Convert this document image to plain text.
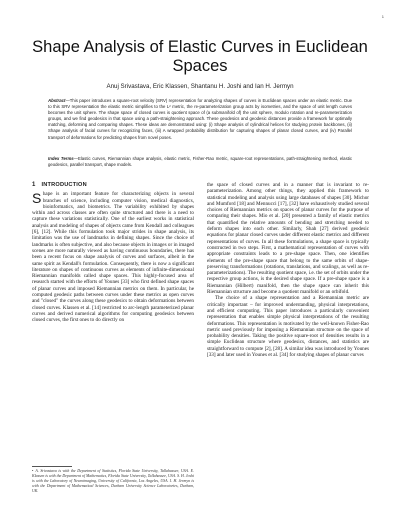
1
Shape Analysis of Elastic Curves in Euclidean
Spaces
Anuj Srivastava, Eric Klassen, Shantanu H. Joshi and Ian H. Jermyn
Abstract—This paper introduces a square-root velocity (SRV) representation for analyzing shapes of curves in Euclidean spaces under an elastic metric. Due to this SRV representation the elastic metric simplifies to the L² metric, the re-parameterization group acts by isometries, and the space of unit length curves becomes the unit sphere. The shape space of closed curves is quotient space of (a submanifold of) the unit sphere, modulo rotation and re-parameterization groups, and we find geodesics in that space using a path-straightening approach. These geodesics and geodesic distances provide a framework for optimally matching, deforming and comparing shapes. These ideas are demonstrated using: (i) Shape analysis of cylindrical helices for studying protein backbones, (ii) Shape analysis of facial curves for recognizing faces, (iii) A wrapped probability distribution for capturing shapes of planar closed curves, and (iv) Parallel transport of deformations for predicting shapes from novel poses.
Index Terms—Elastic curves, Riemannian shape analysis, elastic metric, Fisher-Rao metric, square-root representations, path-straightening method, elastic geodesics, parallel transport, shape models.
1 INTRODUCTION

Shape is an important feature for characterizing objects in several branches of science, including computer vision, medical diagnostics, bioinformatics, and biometrics. The variability exhibited by shapes within and across classes are often quite structured and there is a need to capture these variations statistically. One of the earliest works in statistical analysis and modeling of shapes of objects came from Kendall and colleagues [6], [12]. While this formulation took major strides in shape analysis, its limitation was the use of landmarks in defining shapes. Since the choice of landmarks is often subjective, and also because objects in images or in imaged scenes are more naturally viewed as having continuous boundaries, there has been a recent focus on shape analysis of curves and surfaces, albeit in the same spirit as Kendall's formulation. Consequently, there is now a significant literature on shapes of continuous curves as elements of infinite-dimensional Riemannian manifolds called shape spaces. This highly-focused area of research started with the efforts of Younes [33] who first defined shape spaces of planar curves and imposed Riemannian metrics on them. In particular, he computed geodesic paths between curves under these metrics as open curves and "closed" the curves along these geodesics to obtain deformations between closed curves. Klassen et al. [14] restricted to arc-length parameterized planar curves and derived numerical algorithms for computing geodesics between closed curves, the first ones to do directly on

the space of closed curves and in a manner that is invariant to re-parameterization. Among other things, they applied this framework to statistical modeling and analysis using large databases of shapes [30]. Michor and Mumford [18] and Mennucci [17], [32] have exhaustively studied several choices of Riemannian metrics on spaces of planar curves for the purpose of comparing their shapes. Mio et al. [20] presented a family of elastic metrics that quantified the relative amounts of bending and stretching needed to deform shapes into each other. Similarly, Shah [27] derived geodesic equations for planar closed curves under different elastic metrics and different representations of curves. In all these formulations, a shape space is typically constructed in two steps. First, a mathematical representation of curves with appropriate constraints leads to a pre-shape space. Then, one identifies elements of the pre-shape space that belong to the same orbits of shape-preserving transformations (rotations, translations, and scalings, as well as re-parameterizations). The resulting quotient space, i.e. the set of orbits under the respective group actions, is the desired shape space. If a pre-shape space is a Riemannian (Hilbert) manifold, then the shape space can inherit this Riemannian structure and become a quotient manifold or an orbifold.

The choice of a shape representation and a Riemannian metric are critically important – for improved understanding, physical interpretations, and efficient computing. This paper introduces a particularly convenient representation that enables simple physical interpretations of the resulting deformations. This representation is motivated by the well-known Fisher-Rao metric used previously for imposing a Riemannian structure on the space of probability densities. Taking the positive square-root of densities results in a simple Euclidean structure where geodesics, distances, and statistics are straightforward to compute [2], [28]. A similar idea was introduced by Younes [33] and later used in Younes et al. [34] for studying shapes of planar curves

• A. Srivastava is with the Department of Statistics, Florida State University, Tallahassee, USA. E. Klassen is with the Department of Mathematics, Florida State University, Tallahassee, USA. S. H. Joshi is with the Laboratory of Neuroimaging, University of California, Los Angeles, USA. I. H. Jermyn is with the Department of Mathematical Sciences, Durham University Science Laboratories, Durham, UK.
